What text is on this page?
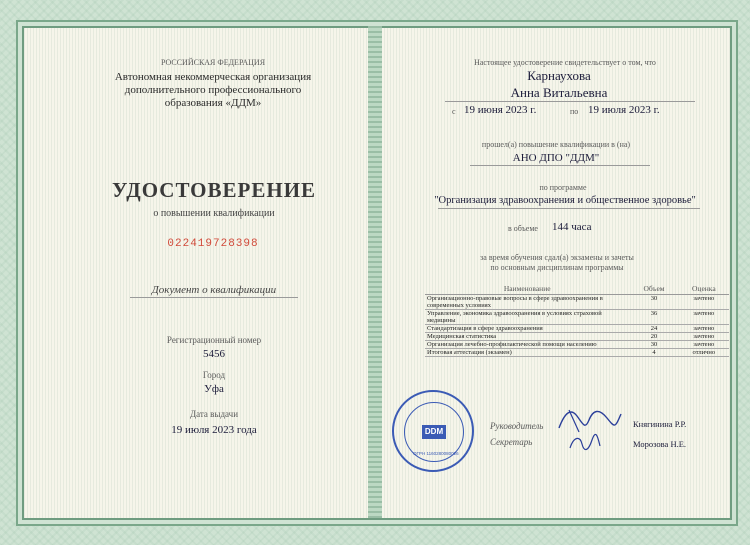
РОССИЙСКАЯ ФЕДЕРАЦИЯ
Автономная некоммерческая организация
дополнительного профессионального
образования «ДДМ»
УДОСТОВЕРЕНИЕ
о повышении квалификации
022419728398
Документ о квалификации
Регистрационный номер
5456
Город
Уфа
Дата выдачи
19 июля 2023 года
Настоящее удостоверение свидетельствует о том, что
Карнаухова
Анна Витальевна
с 19 июня 2023 г.	по 19 июля 2023 г.
прошел(а) повышение квалификации в (на)
АНО ДПО "ДДМ"
по программе
"Организация здравоохранения и общественное здоровье"
в объеме 144 часа
за время обучения сдал(а) экзамены и зачеты
по основным дисциплинам программы
Наименование	Объем	Оценка
Организационно-правовые вопросы в сфере здравоохранения в современных условиях	30	зачтено
Управление, экономика здравоохранения в условиях страховой медицины	36	зачтено
Стандартизация в сфере здравоохранения	24	зачтено
Медицинская статистика	20	зачтено
Организация лечебно-профилактической помощи населению	30	зачтено
Итоговая аттестация (экзамен)	4	отлично
DDM
ОГРН 1160280080026
Руководитель	Княгинина Р.Р.
Секретарь	Морозова Н.Е.
